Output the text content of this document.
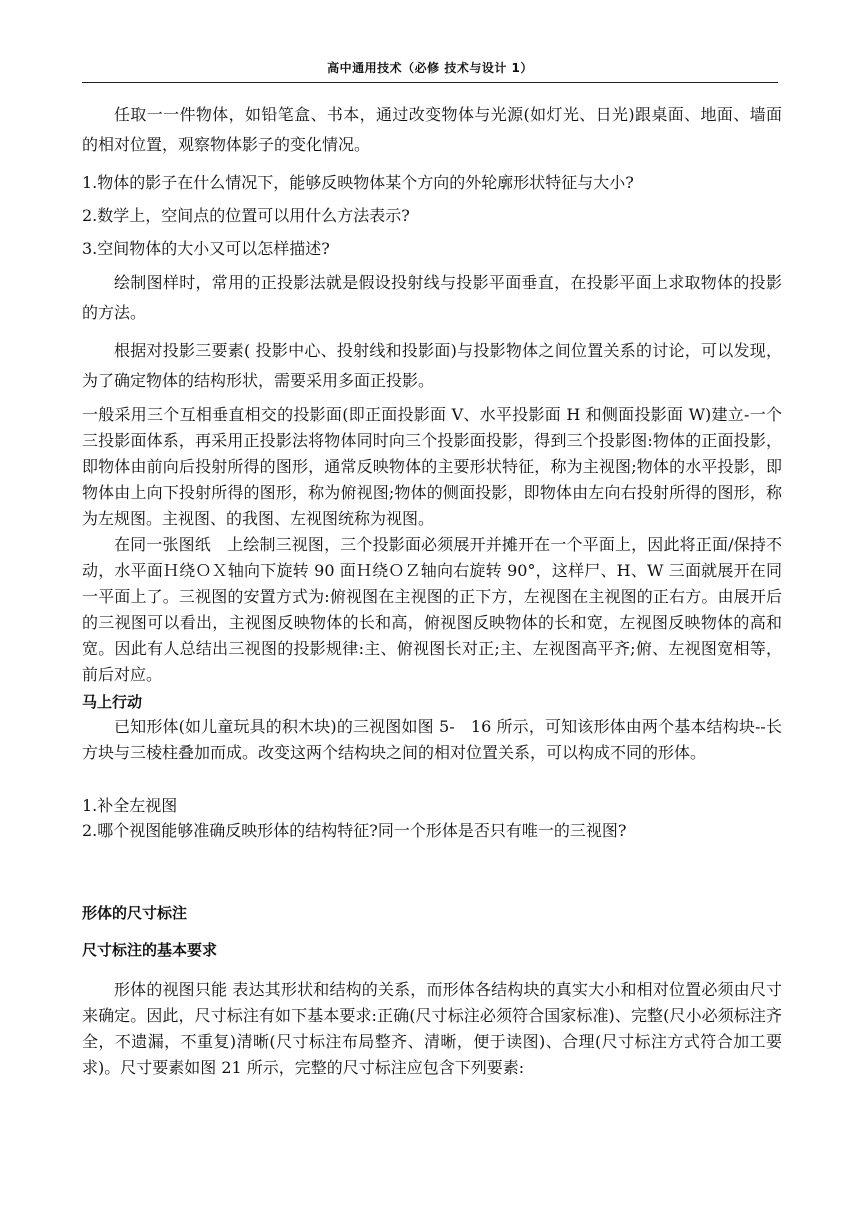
高中通用技术（必修 技术与设计 1）

任取一一件物体，如铅笔盒、书本，通过改变物体与光源(如灯光、日光)跟桌面、地面、墙面的相对位置，观察物体影子的变化情况。

1.物体的影子在什么情况下，能够反映物体某个方向的外轮廓形状特征与大小?

2.数学上，空间点的位置可以用什么方法表示?

3.空间物体的大小又可以怎样描述?

绘制图样时，常用的正投影法就是假设投射线与投影平面垂直，在投影平面上求取物体的投影的方法。

根据对投影三要素( 投影中心、投射线和投影面)与投影物体之间位置关系的讨论，可以发现，为了确定物体的结构形状，需要采用多面正投影。

一般采用三个互相垂直相交的投影面(即正面投影面 V、水平投影面 H 和侧面投影面 W)建立-一个三投影面体系，再采用正投影法将物体同时向三个投影面投影，得到三个投影图:物体的正面投影，即物体由前向后投射所得的图形，通常反映物体的主要形状特征，称为主视图;物体的水平投影，即物体由上向下投射所得的图形，称为俯视图;物体的侧面投影，即物体由左向右投射所得的图形，称为左规图。主视图、的我图、左视图统称为视图。

在同一张图纸　上绘制三视图，三个投影面必须展开并摊开在一个平面上，因此将正面/保持不动，水平面Ｈ绕ＯＸ轴向下旋转 90 面Ｈ绕ＯＺ轴向右旋转 90°，这样尸、H、W 三面就展开在同一平面上了。三视图的安置方式为:俯视图在主视图的正下方，左视图在主视图的正右方。由展开后的三视图可以看出，主视图反映物体的长和高，俯视图反映物体的长和宽，左视图反映物体的高和宽。因此有人总结出三视图的投影规律:主、俯视图长对正;主、左视图高平齐;俯、左视图宽相等，前后对应。

马上行动

已知形体(如儿童玩具的积木块)的三视图如图 5-　16 所示，可知该形体由两个基本结构块--长方块与三棱柱叠加而成。改变这两个结构块之间的相对位置关系，可以构成不同的形体。

1.补全左视图

2.哪个视图能够准确反映形体的结构特征?同一个形体是否只有唯一的三视图?

形体的尺寸标注

尺寸标注的基本要求

形体的视图只能 表达其形状和结构的关系，而形体各结构块的真实大小和相对位置必须由尺寸来确定。因此，尺寸标注有如下基本要求:正确(尺寸标注必须符合国家标准)、完整(尺小必须标注齐全，不遗漏，不重复)清晰(尺寸标注布局整齐、清晰，便于读图)、合理(尺寸标注方式符合加工要求)。尺寸要素如图 21 所示，完整的尺寸标注应包含下列要素:
